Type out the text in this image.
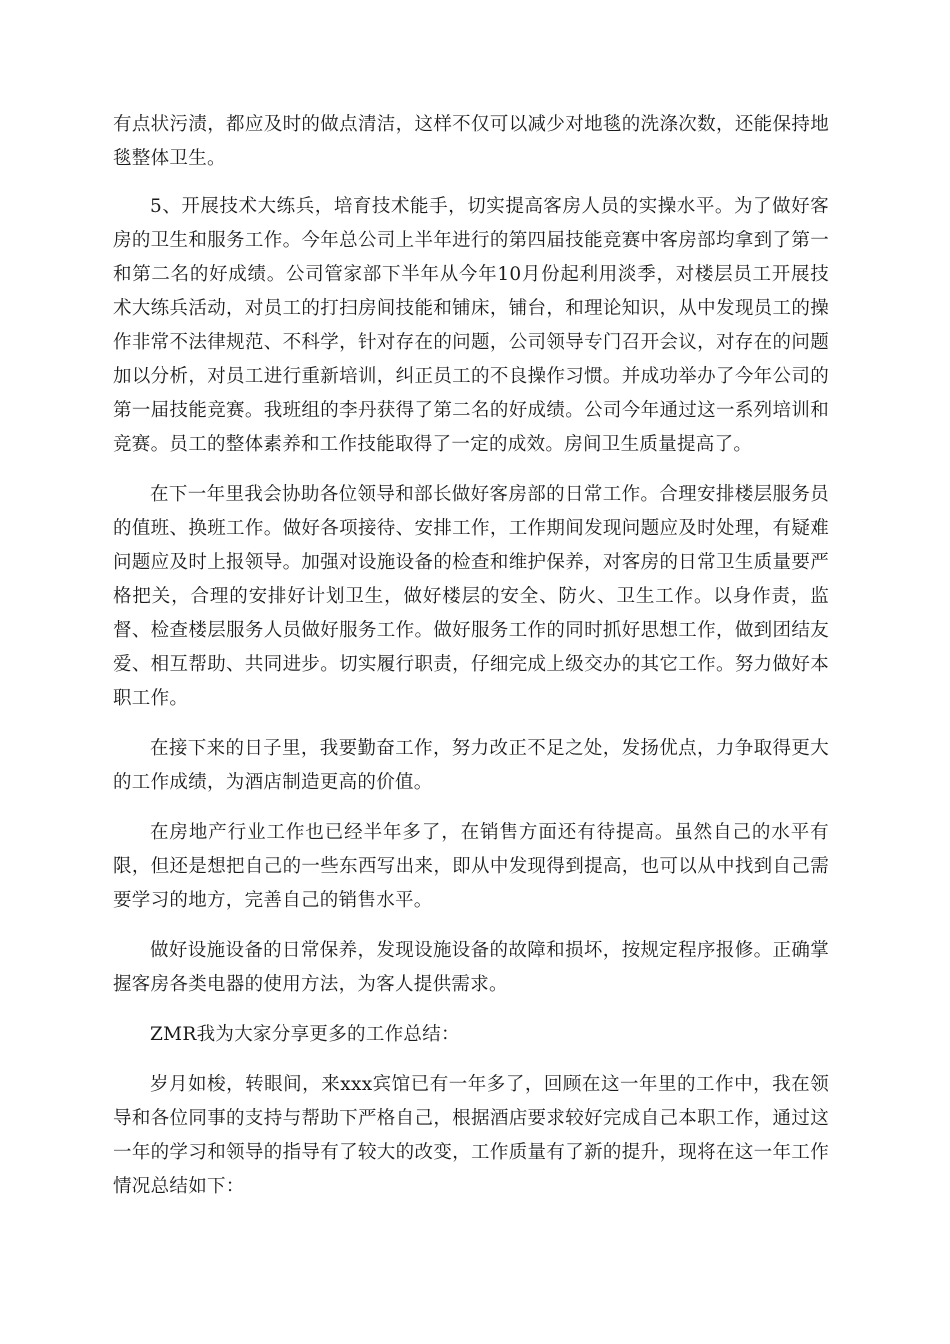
有点状污渍，都应及时的做点清洁，这样不仅可以减少对地毯的洗涤次数，还能保持地毯整体卫生。

5、开展技术大练兵，培育技术能手，切实提高客房人员的实操水平。为了做好客房的卫生和服务工作。今年总公司上半年进行的第四届技能竞赛中客房部均拿到了第一和第二名的好成绩。公司管家部下半年从今年10月份起利用淡季，对楼层员工开展技术大练兵活动，对员工的打扫房间技能和铺床，铺台，和理论知识，从中发现员工的操作非常不法律规范、不科学，针对存在的问题，公司领导专门召开会议，对存在的问题加以分析，对员工进行重新培训，纠正员工的不良操作习惯。并成功举办了今年公司的第一届技能竞赛。我班组的李丹获得了第二名的好成绩。公司今年通过这一系列培训和竞赛。员工的整体素养和工作技能取得了一定的成效。房间卫生质量提高了。

在下一年里我会协助各位领导和部长做好客房部的日常工作。合理安排楼层服务员的值班、换班工作。做好各项接待、安排工作，工作期间发现问题应及时处理，有疑难问题应及时上报领导。加强对设施设备的检查和维护保养，对客房的日常卫生质量要严格把关，合理的安排好计划卫生，做好楼层的安全、防火、卫生工作。以身作责，监督、检查楼层服务人员做好服务工作。做好服务工作的同时抓好思想工作，做到团结友爱、相互帮助、共同进步。切实履行职责，仔细完成上级交办的其它工作。努力做好本职工作。

在接下来的日子里，我要勤奋工作，努力改正不足之处，发扬优点，力争取得更大的工作成绩，为酒店制造更高的价值。

在房地产行业工作也已经半年多了，在销售方面还有待提高。虽然自己的水平有限，但还是想把自己的一些东西写出来，即从中发现得到提高，也可以从中找到自己需要学习的地方，完善自己的销售水平。

做好设施设备的日常保养，发现设施设备的故障和损坏，按规定程序报修。正确掌握客房各类电器的使用方法，为客人提供需求。

ZMR我为大家分享更多的工作总结：

岁月如梭，转眼间，来xxx宾馆已有一年多了，回顾在这一年里的工作中，我在领导和各位同事的支持与帮助下严格自己，根据酒店要求较好完成自己本职工作，通过这一年的学习和领导的指导有了较大的改变，工作质量有了新的提升，现将在这一年工作情况总结如下：
